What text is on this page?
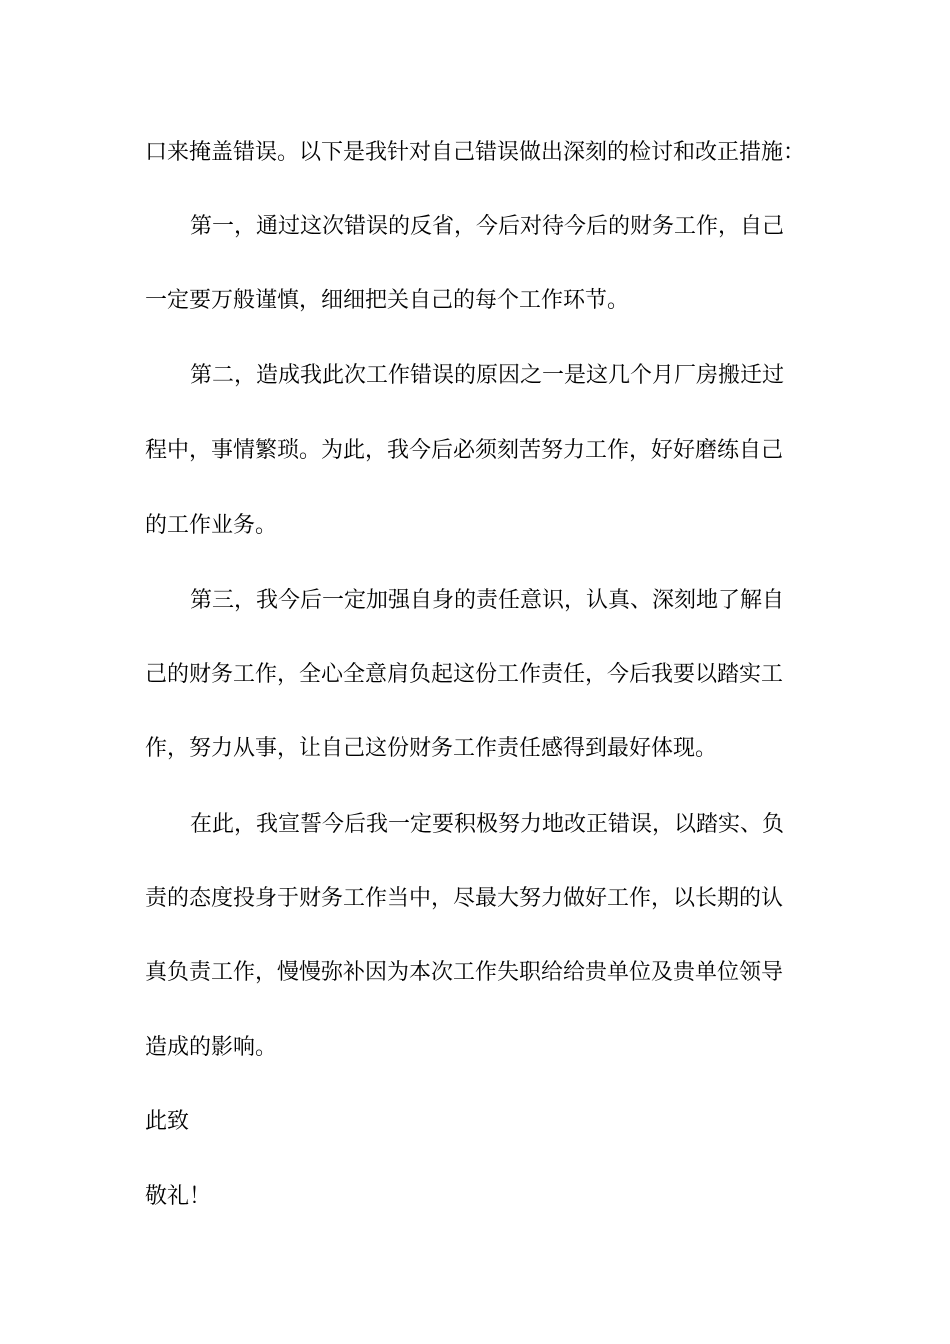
口来掩盖错误。以下是我针对自己错误做出深刻的检讨和改正措施：
第一，通过这次错误的反省，今后对待今后的财务工作，自己
一定要万般谨慎，细细把关自己的每个工作环节。
第二，造成我此次工作错误的原因之一是这几个月厂房搬迁过
程中，事情繁琐。为此，我今后必须刻苦努力工作，好好磨练自己
的工作业务。
第三，我今后一定加强自身的责任意识，认真、深刻地了解自
己的财务工作，全心全意肩负起这份工作责任，今后我要以踏实工
作，努力从事，让自己这份财务工作责任感得到最好体现。
在此，我宣誓今后我一定要积极努力地改正错误，以踏实、负
责的态度投身于财务工作当中，尽最大努力做好工作，以长期的认
真负责工作，慢慢弥补因为本次工作失职给给贵单位及贵单位领导
造成的影响。
此致
敬礼！
